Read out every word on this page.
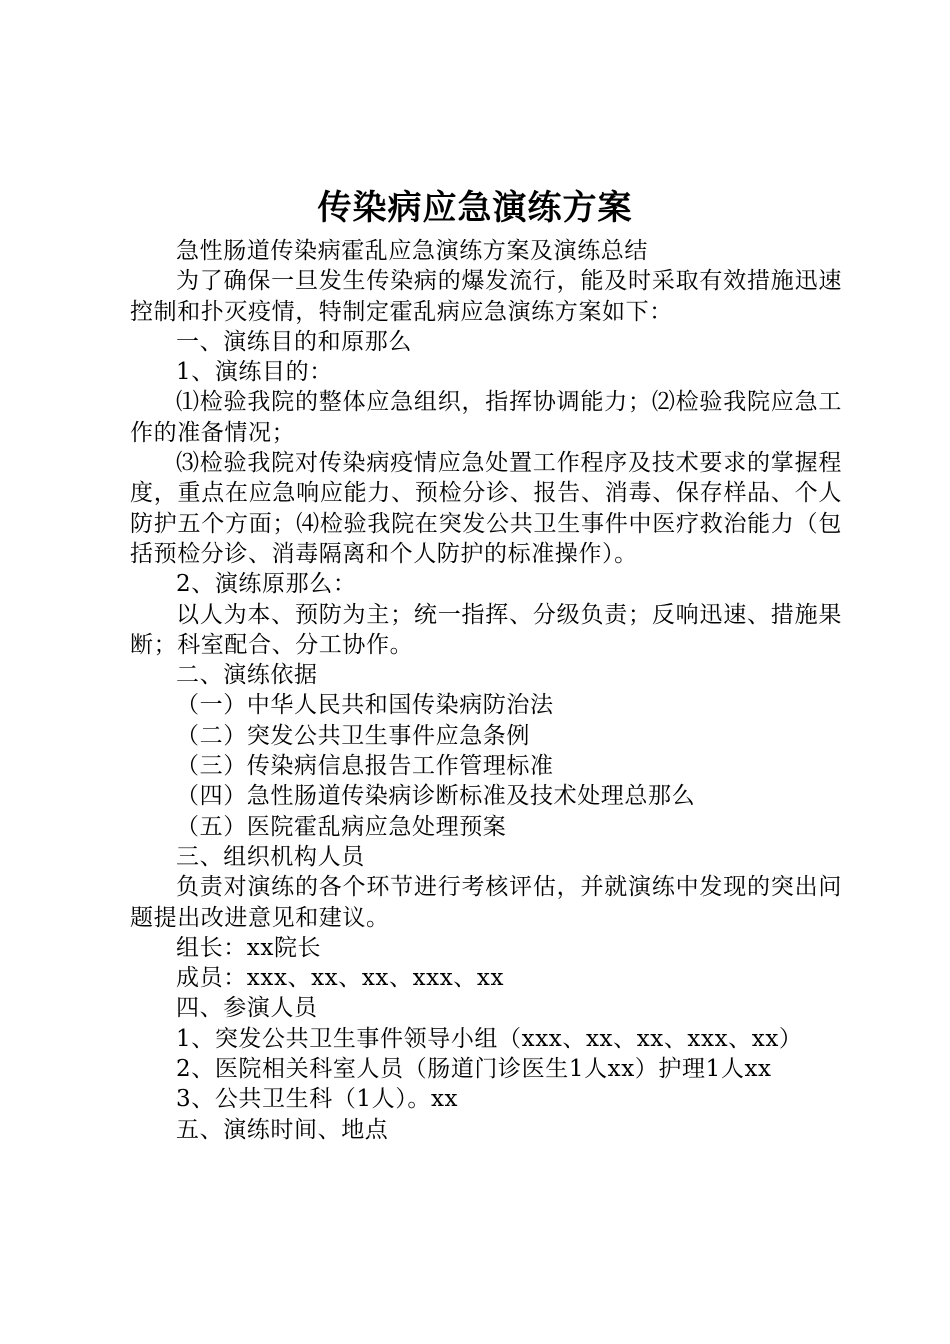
传染病应急演练方案

急性肠道传染病霍乱应急演练方案及演练总结

为了确保一旦发生传染病的爆发流行，能及时采取有效措施迅速控制和扑灭疫情，特制定霍乱病应急演练方案如下：

一、演练目的和原那么

1、演练目的：

⑴检验我院的整体应急组织，指挥协调能力；⑵检验我院应急工作的准备情况；

⑶检验我院对传染病疫情应急处置工作程序及技术要求的掌握程度，重点在应急响应能力、预检分诊、报告、消毒、保存样品、个人防护五个方面；⑷检验我院在突发公共卫生事件中医疗救治能力（包括预检分诊、消毒隔离和个人防护的标准操作）。

2、演练原那么：

以人为本、预防为主；统一指挥、分级负责；反响迅速、措施果断；科室配合、分工协作。

二、演练依据

（一）中华人民共和国传染病防治法

（二）突发公共卫生事件应急条例

（三）传染病信息报告工作管理标准

（四）急性肠道传染病诊断标准及技术处理总那么

（五）医院霍乱病应急处理预案

三、组织机构人员

负责对演练的各个环节进行考核评估，并就演练中发现的突出问题提出改进意见和建议。

组长：xx院长

成员：xxx、xx、xx、xxx、xx

四、参演人员

1、突发公共卫生事件领导小组（xxx、xx、xx、xxx、xx）

2、医院相关科室人员（肠道门诊医生1人xx）护理1人xx

3、公共卫生科（1人）。xx

五、演练时间、地点
